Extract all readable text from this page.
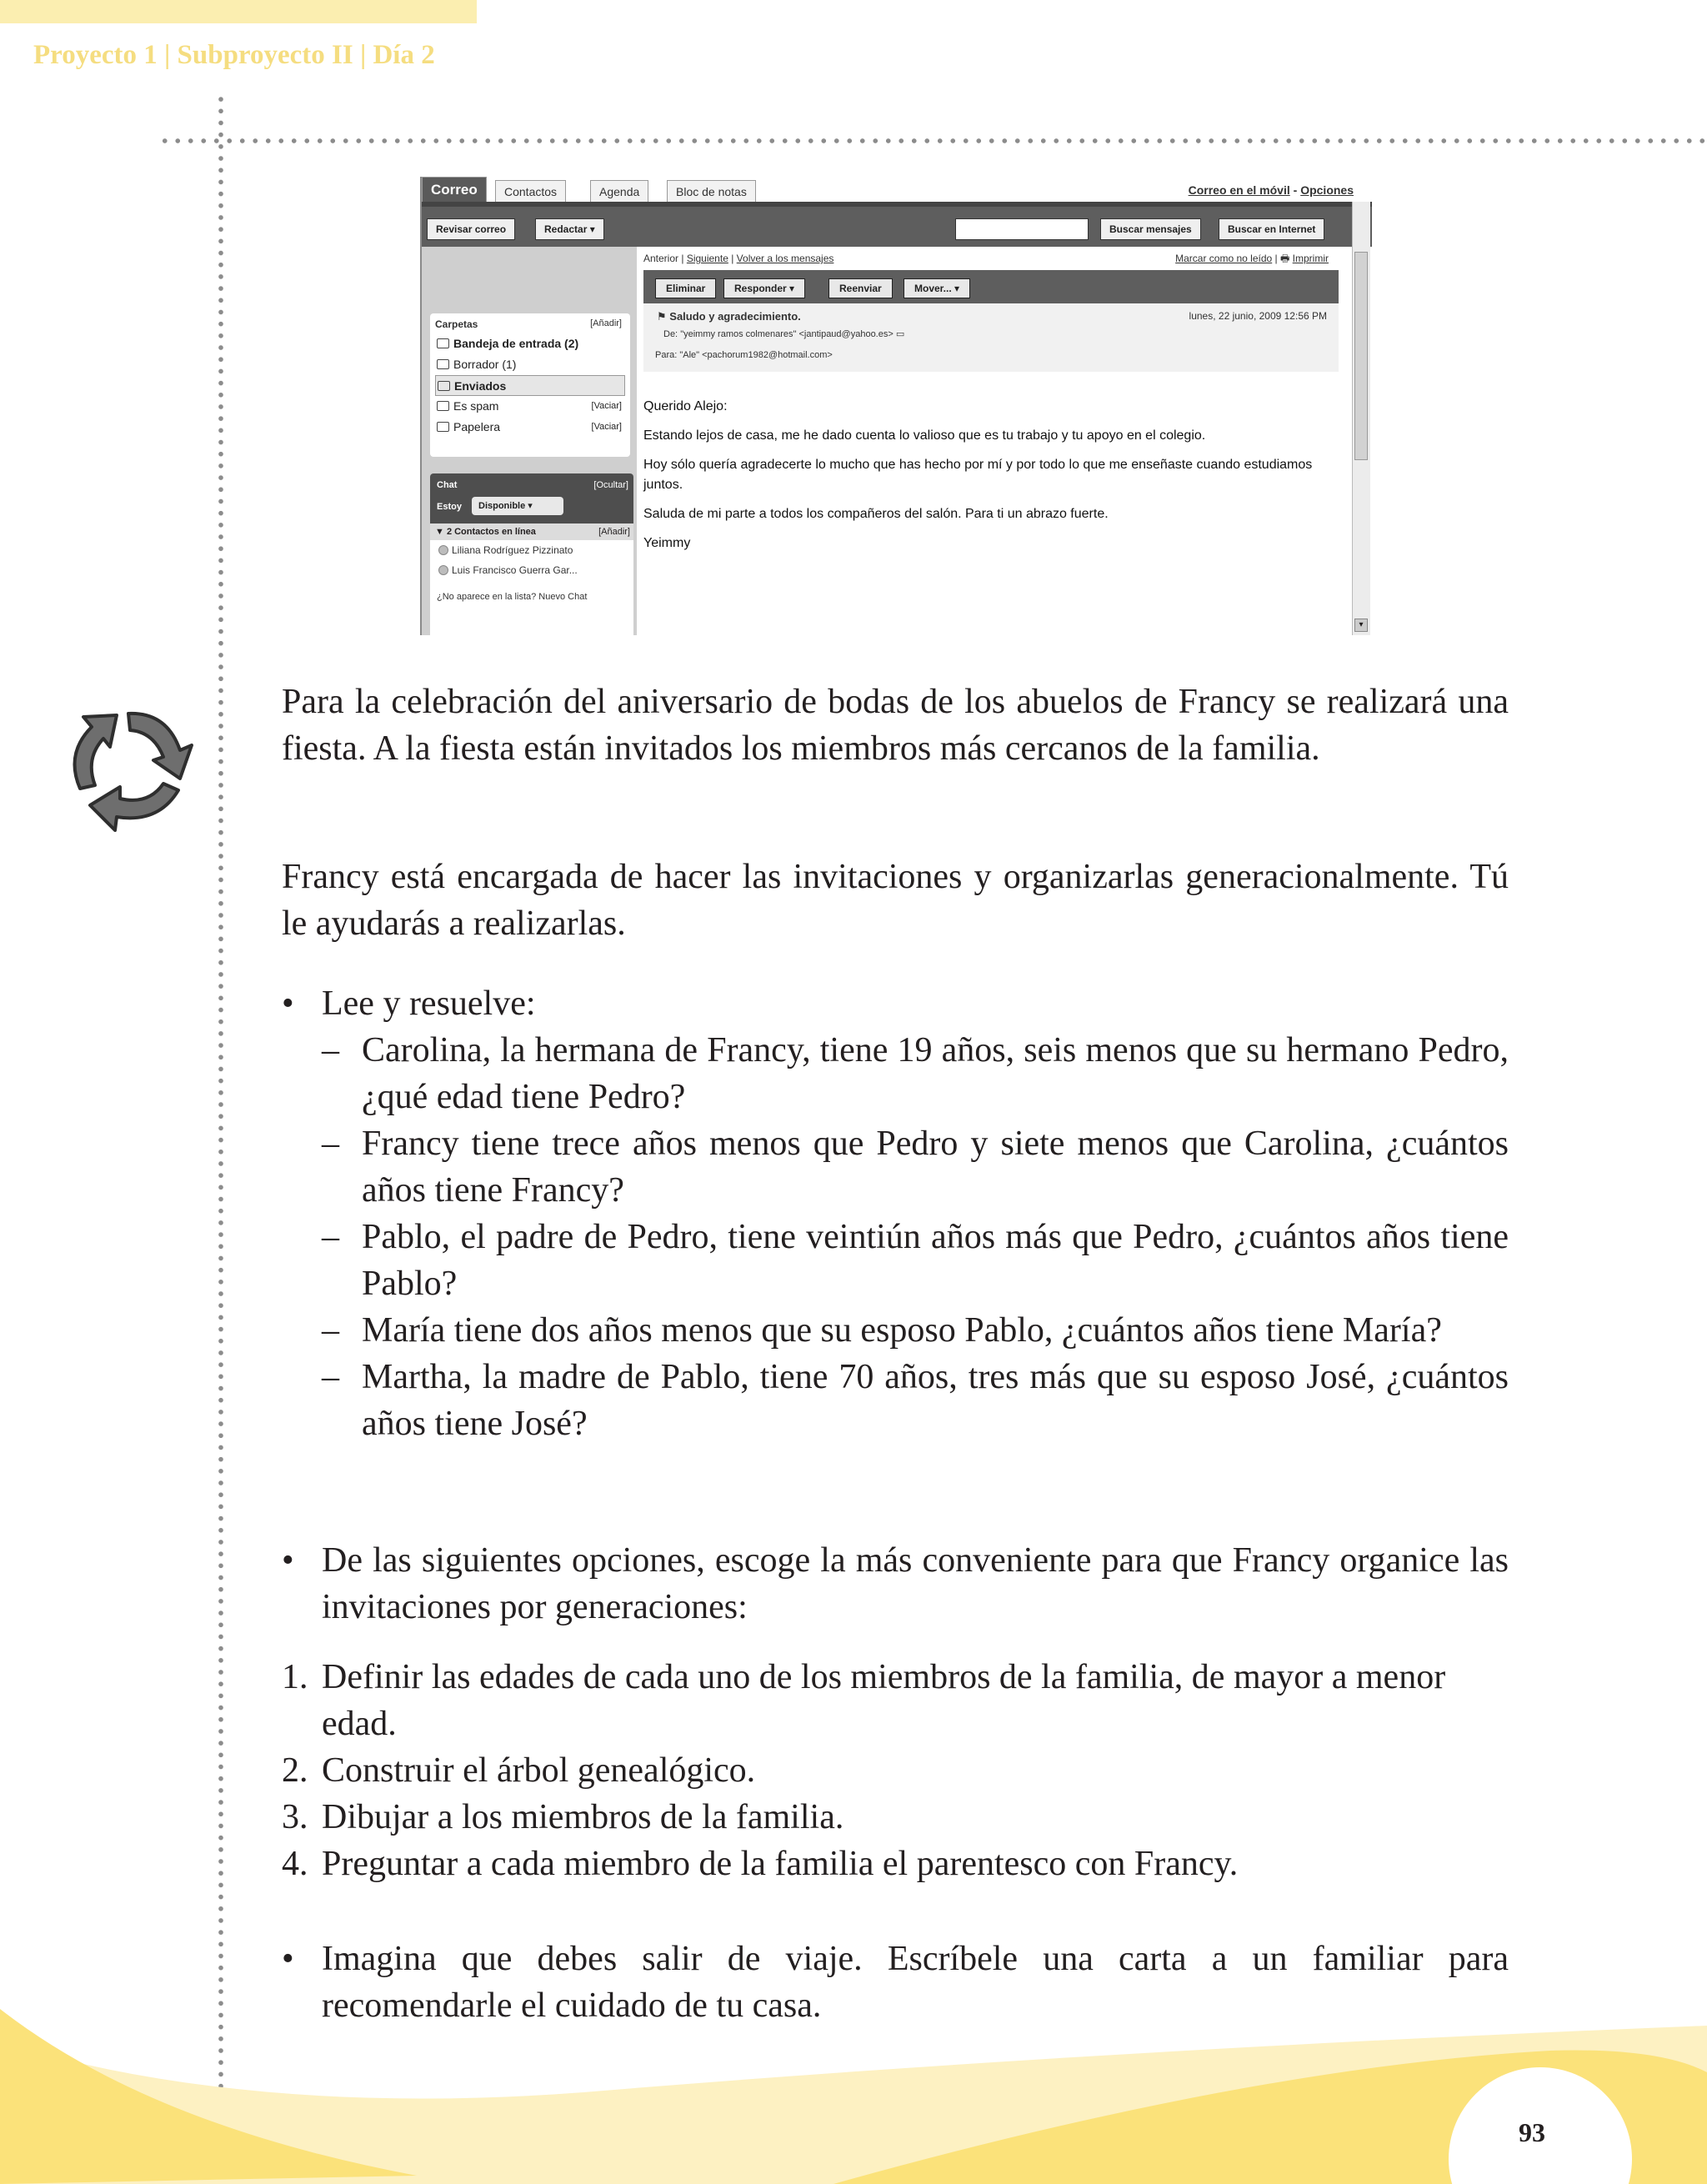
Proyecto 1 | Subproyecto II | Día 2
Correo	Contactos	Agenda	Bloc de notas	Correo en el móvil - Opciones
Revisar correo	Redactar ▾	Buscar mensajes	Buscar en Internet
Carpetas	[Añadir]
Bandeja de entrada (2)
Borrador (1)
Enviados
Es spam	[Vaciar]
Papelera	[Vaciar]
Chat	[Ocultar]
Estoy	Disponible ▾
▼ 2 Contactos en línea	[Añadir]
Liliana Rodríguez Pizzinato
Luis Francisco Guerra Gar...
¿No aparece en la lista? Nuevo Chat
Configuración ▾
Anterior | Siguiente | Volver a los mensajes	Marcar como no leído | 🖶 Imprimir
Eliminar	Responder ▾	Reenviar	Mover... ▾
⚑ Saludo y agradecimiento.	lunes, 22 junio, 2009 12:56 PM
De: "yeimmy ramos colmenares" <jantipaud@yahoo.es> ▭
Para: "Ale" <pachorum1982@hotmail.com>

Querido Alejo:

Estando lejos de casa, me he dado cuenta lo valioso que es tu trabajo y tu apoyo en el colegio.

Hoy sólo quería agradecerte lo mucho que has hecho por mí y por todo lo que me enseñaste cuando estudiamos juntos.

Saluda de mi parte a todos los compañeros del salón. Para ti un abrazo fuerte.

Yeimmy

▾
Para la celebración del aniversario de bodas de los abuelos de Francy se realizará una fiesta. A la fiesta están invitados los miembros más cercanos de la familia.
Francy está encargada de hacer las invitaciones y organizarlas generacionalmente. Tú le ayudarás a realizarlas.
• Lee y resuelve:
– Carolina, la hermana de Francy, tiene 19 años, seis menos que su hermano Pedro, ¿qué edad tiene Pedro?
– Francy tiene trece años menos que Pedro y siete menos que Carolina, ¿cuántos años tiene Francy?
– Pablo, el padre de Pedro, tiene veintiún años más que Pedro, ¿cuántos años tiene Pablo?
– María tiene dos años menos que su esposo Pablo, ¿cuántos años tiene María?
– Martha, la madre de Pablo, tiene 70 años, tres más que su esposo José, ¿cuántos años tiene José?
• De las siguientes opciones, escoge la más conveniente para que Francy organice las invitaciones por generaciones:
1. Definir las edades de cada uno de los miembros de la familia, de mayor a menor edad.
2. Construir el árbol genealógico.
3. Dibujar a los miembros de la familia.
4. Preguntar a cada miembro de la familia el parentesco con Francy.
• Imagina que debes salir de viaje. Escríbele una carta a un familiar para recomendarle el cuidado de tu casa.
93
